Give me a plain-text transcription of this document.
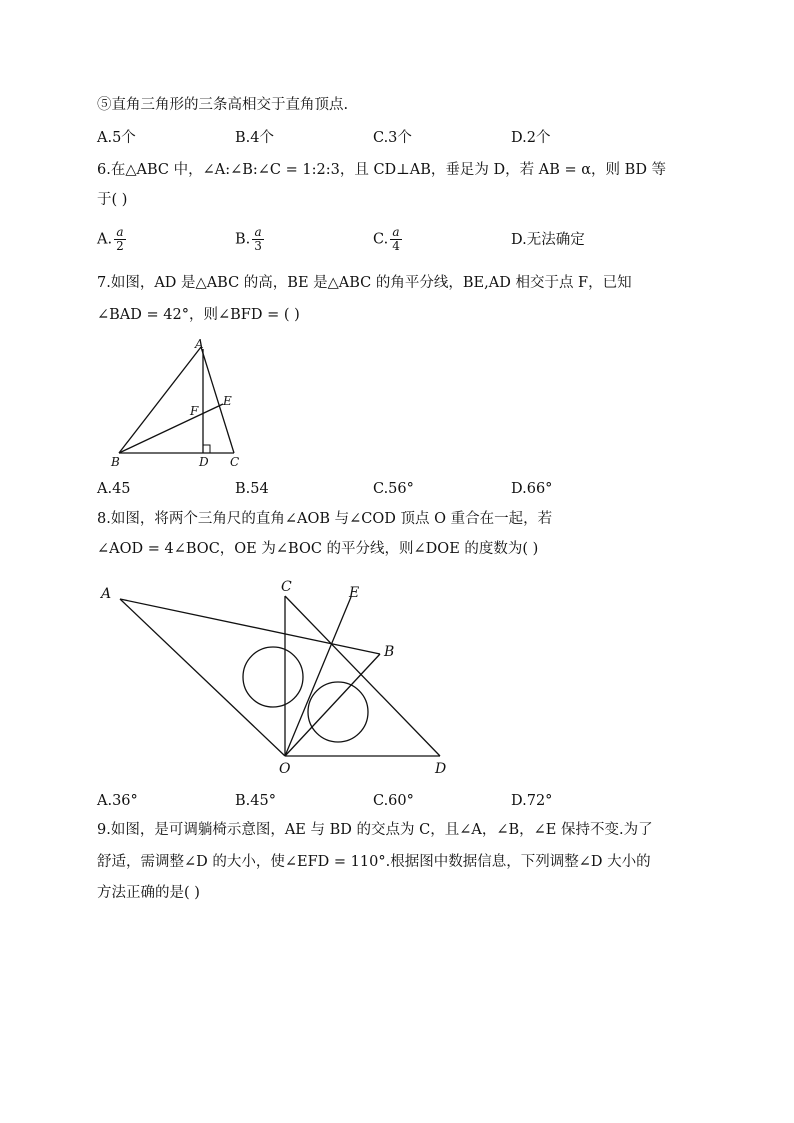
⑤直角三角形的三条高相交于直角顶点.
A.5个	B.4个	C.3个	D.2个
6.在△ABC 中，∠A:∠B:∠C = 1:2:3，且 CD⊥AB，垂足为 D，若 AB = α，则 BD 等
于( )
A. $\frac{a}{2}$	B. $\frac{a}{3}$	C. $\frac{a}{4}$	D.无法确定
7.如图，AD 是△ABC 的高，BE 是△ABC 的角平分线，BE,AD 相交于点 F，已知
∠BAD = 42°，则∠BFD = ( )
A
B	D C
E
F
A.45	B.54	C.56°	D.66°
8.如图，将两个三角尺的直角∠AOB 与∠COD 顶点 O 重合在一起，若
∠AOD = 4∠BOC，OE 为∠BOC 的平分线，则∠DOE 的度数为( )
A	C	E
B
O	D
A.36°	B.45°	C.60°	D.72°
9.如图，是可调躺椅示意图，AE 与 BD 的交点为 C，且∠A，∠B，∠E 保持不变.为了
舒适，需调整∠D 的大小，使∠EFD = 110°.根据图中数据信息，下列调整∠D 大小的
方法正确的是( )
